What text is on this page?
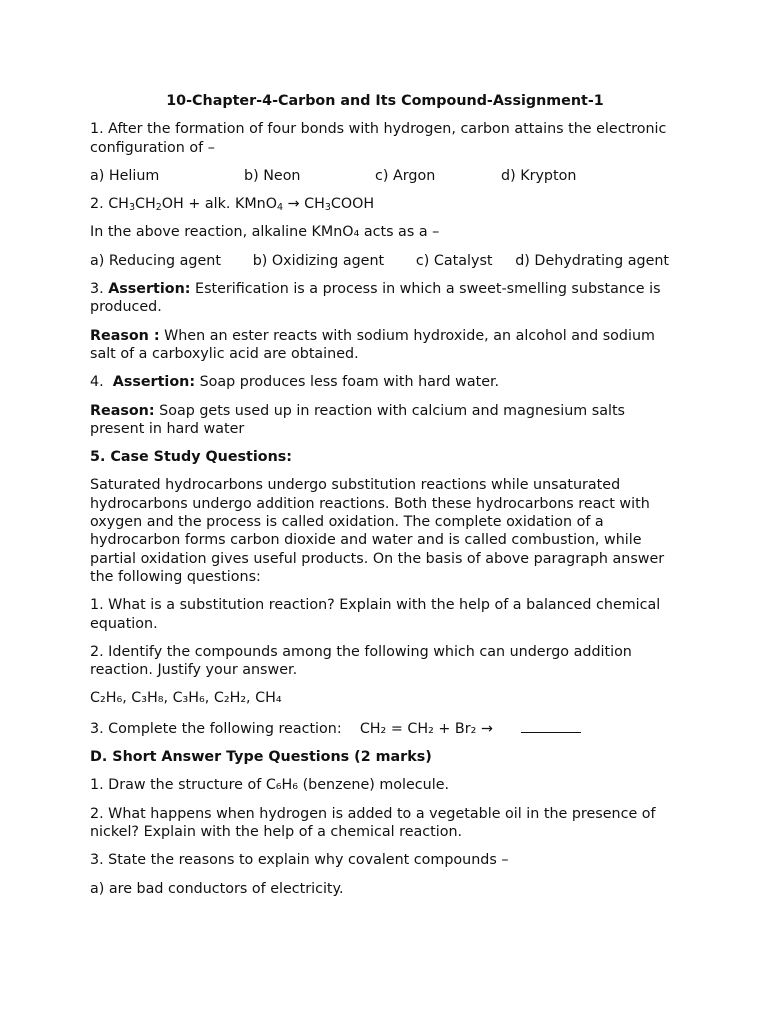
10-Chapter-4-Carbon and Its Compound-Assignment-1

1. After the formation of four bonds with hydrogen, carbon attains the electronic configuration of –

a) Helium	b) Neon	c) Argon	d) Krypton

2. $CH_3CH_2OH$ + alk. KMnO$_4$ → $CH_3COOH$

In the above reaction, alkaline KMnO₄ acts as a –

a) Reducing agent       b) Oxidizing agent       c) Catalyst     d) Dehydrating agent

3. Assertion: Esterification is a process in which a sweet-smelling substance is produced.

Reason : When an ester reacts with sodium hydroxide, an alcohol and sodium salt of a carboxylic acid are obtained.

4. Assertion: Soap produces less foam with hard water.

Reason: Soap gets used up in reaction with calcium and magnesium salts present in hard water

5. Case Study Questions:

Saturated hydrocarbons undergo substitution reactions while unsaturated hydrocarbons undergo addition reactions. Both these hydrocarbons react with oxygen and the process is called oxidation. The complete oxidation of a hydrocarbon forms carbon dioxide and water and is called combustion, while partial oxidation gives useful products. On the basis of above paragraph answer the following questions:

1. What is a substitution reaction? Explain with the help of a balanced chemical equation.

2. Identify the compounds among the following which can undergo addition reaction. Justify your answer.

C₂H₆, C₃H₈, C₃H₆, C₂H₂, CH₄

3. Complete the following reaction: CH₂ = CH₂ + Br₂ →

D. Short Answer Type Questions (2 marks)

1. Draw the structure of C₆H₆ (benzene) molecule.

2. What happens when hydrogen is added to a vegetable oil in the presence of nickel? Explain with the help of a chemical reaction.

3. State the reasons to explain why covalent compounds –

a) are bad conductors of electricity.
